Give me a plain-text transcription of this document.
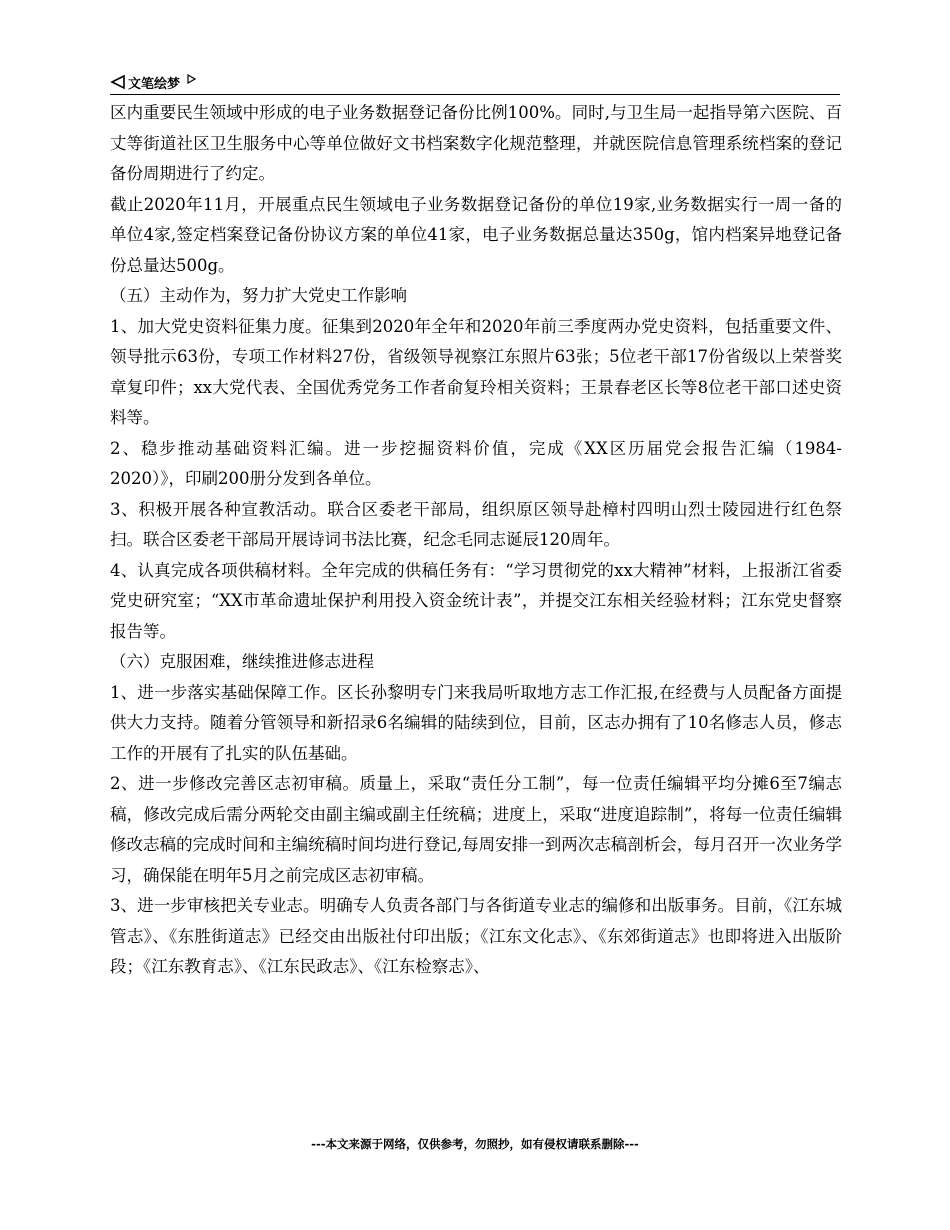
文笔绘梦

区内重要民生领域中形成的电子业务数据登记备份比例100%。同时,与卫生局一起指导第六医院、百丈等街道社区卫生服务中心等单位做好文书档案数字化规范整理，并就医院信息管理系统档案的登记备份周期进行了约定。

截止2020年11月，开展重点民生领域电子业务数据登记备份的单位19家,业务数据实行一周一备的单位4家,签定档案登记备份协议方案的单位41家，电子业务数据总量达350g，馆内档案异地登记备份总量达500g。

（五）主动作为，努力扩大党史工作影响

1、加大党史资料征集力度。征集到2020年全年和2020年前三季度两办党史资料，包括重要文件、领导批示63份，专项工作材料27份，省级领导视察江东照片63张；5位老干部17份省级以上荣誉奖章复印件；xx大党代表、全国优秀党务工作者俞复玲相关资料；王景春老区长等8位老干部口述史资料等。

2、稳步推动基础资料汇编。进一步挖掘资料价值，完成《XX区历届党会报告汇编（1984-2020）》，印刷200册分发到各单位。

3、积极开展各种宣教活动。联合区委老干部局，组织原区领导赴樟村四明山烈士陵园进行红色祭扫。联合区委老干部局开展诗词书法比赛，纪念毛同志诞辰120周年。

4、认真完成各项供稿材料。全年完成的供稿任务有：“学习贯彻党的xx大精神”材料，上报浙江省委党史研究室；“XX市革命遗址保护利用投入资金统计表”，并提交江东相关经验材料；江东党史督察报告等。

（六）克服困难，继续推进修志进程

1、进一步落实基础保障工作。区长孙黎明专门来我局听取地方志工作汇报,在经费与人员配备方面提供大力支持。随着分管领导和新招录6名编辑的陆续到位，目前，区志办拥有了10名修志人员，修志工作的开展有了扎实的队伍基础。

2、进一步修改完善区志初审稿。质量上，采取“责任分工制”，每一位责任编辑平均分摊6至7编志稿，修改完成后需分两轮交由副主编或副主任统稿；进度上，采取“进度追踪制”，将每一位责任编辑修改志稿的完成时间和主编统稿时间均进行登记,每周安排一到两次志稿剖析会，每月召开一次业务学习，确保能在明年5月之前完成区志初审稿。

3、进一步审核把关专业志。明确专人负责各部门与各街道专业志的编修和出版事务。目前，《江东城管志》、《东胜街道志》已经交由出版社付印出版；《江东文化志》、《东郊街道志》也即将进入出版阶段；《江东教育志》、《江东民政志》、《江东检察志》、

---本文来源于网络，仅供参考，勿照抄，如有侵权请联系删除---
